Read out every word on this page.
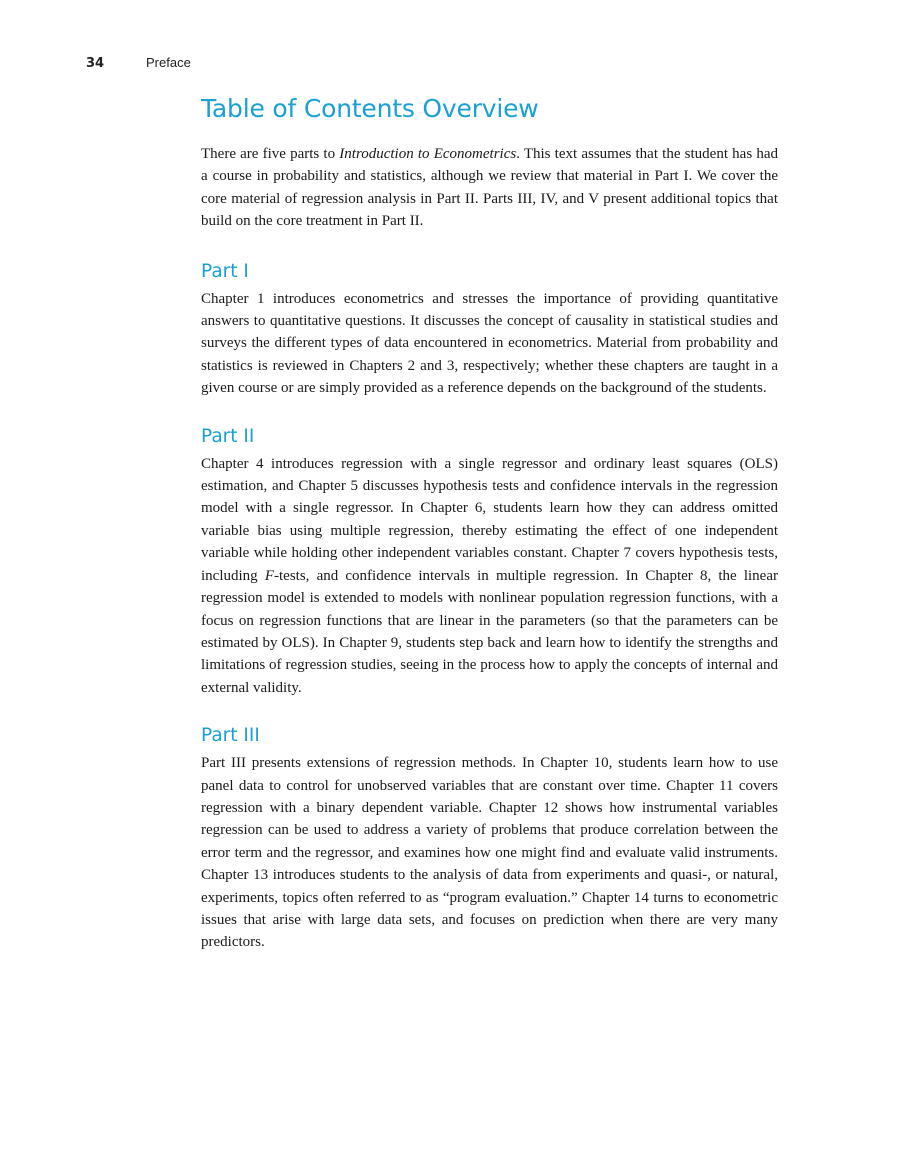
34	Preface
Table of Contents Overview

There are five parts to Introduction to Econometrics. This text assumes that the student has had a course in probability and statistics, although we review that material in Part I. We cover the core material of regression analysis in Part II. Parts III, IV, and V present additional topics that build on the core treatment in Part II.

Part I

Chapter 1 introduces econometrics and stresses the importance of providing quantitative answers to quantitative questions. It discusses the concept of causality in statistical studies and surveys the different types of data encountered in econometrics. Material from probability and statistics is reviewed in Chapters 2 and 3, respectively; whether these chapters are taught in a given course or are simply provided as a reference depends on the background of the students.

Part II

Chapter 4 introduces regression with a single regressor and ordinary least squares (OLS) estimation, and Chapter 5 discusses hypothesis tests and confidence intervals in the regression model with a single regressor. In Chapter 6, students learn how they can address omitted variable bias using multiple regression, thereby estimating the effect of one independent variable while holding other independent variables constant. Chapter 7 covers hypothesis tests, including F-tests, and confidence intervals in multiple regression. In Chapter 8, the linear regression model is extended to models with nonlinear population regression functions, with a focus on regression functions that are linear in the parameters (so that the parameters can be estimated by OLS). In Chapter 9, students step back and learn how to identify the strengths and limitations of regression studies, seeing in the process how to apply the concepts of internal and external validity.

Part III

Part III presents extensions of regression methods. In Chapter 10, students learn how to use panel data to control for unobserved variables that are constant over time. Chapter 11 covers regression with a binary dependent variable. Chapter 12 shows how instrumental variables regression can be used to address a variety of problems that produce correlation between the error term and the regressor, and examines how one might find and evaluate valid instruments. Chapter 13 introduces students to the analysis of data from experiments and quasi-, or natural, experiments, topics often referred to as “program evaluation.” Chapter 14 turns to econometric issues that arise with large data sets, and focuses on prediction when there are very many predictors.
